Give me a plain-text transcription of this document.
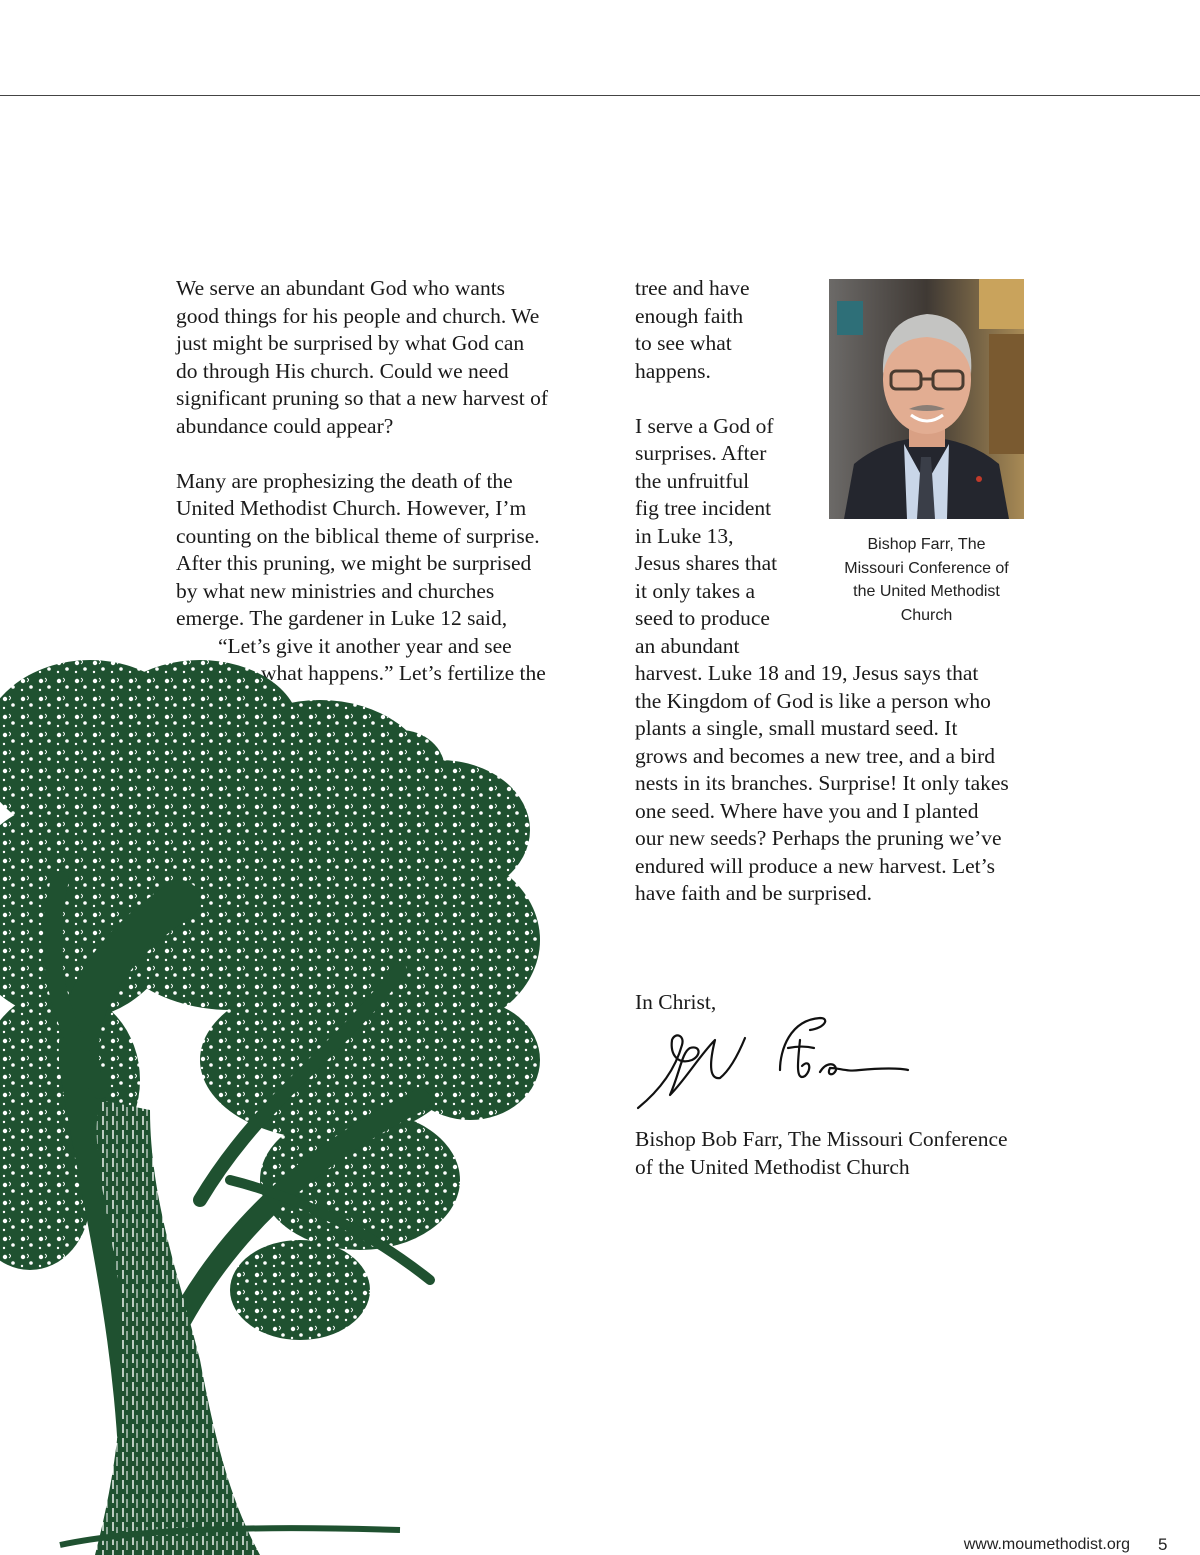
We serve an abundant God who wants
good things for his people and church. We
just might be surprised by what God can
do through His church. Could we need
significant pruning so that a new harvest of
abundance could appear?
Many are prophesizing the death of the
United Methodist Church. However, I’m
counting on the biblical theme of surprise.
After this pruning, we might be surprised
by what new ministries and churches
emerge. The gardener in Luke 12 said,
“Let’s give it another year and see
what happens.” Let’s fertilize the
tree and have
enough faith
to see what
happens.
I serve a God of
surprises. After
the unfruitful
fig tree incident
in Luke 13,
Jesus shares that
it only takes a
seed to produce
an abundant
harvest. Luke 18 and 19, Jesus says that
the Kingdom of God is like a person who
plants a single, small mustard seed. It
grows and becomes a new tree, and a bird
nests in its branches. Surprise! It only takes
one seed. Where have you and I planted
our new seeds? Perhaps the pruning we’ve
endured will produce a new harvest. Let’s
have faith and be surprised.
Bishop Farr, The
Missouri Conference of
the United Methodist
Church
In Christ,
Bishop Bob Farr, The Missouri Conference
of the United Methodist Church
www.moumethodist.org 5
